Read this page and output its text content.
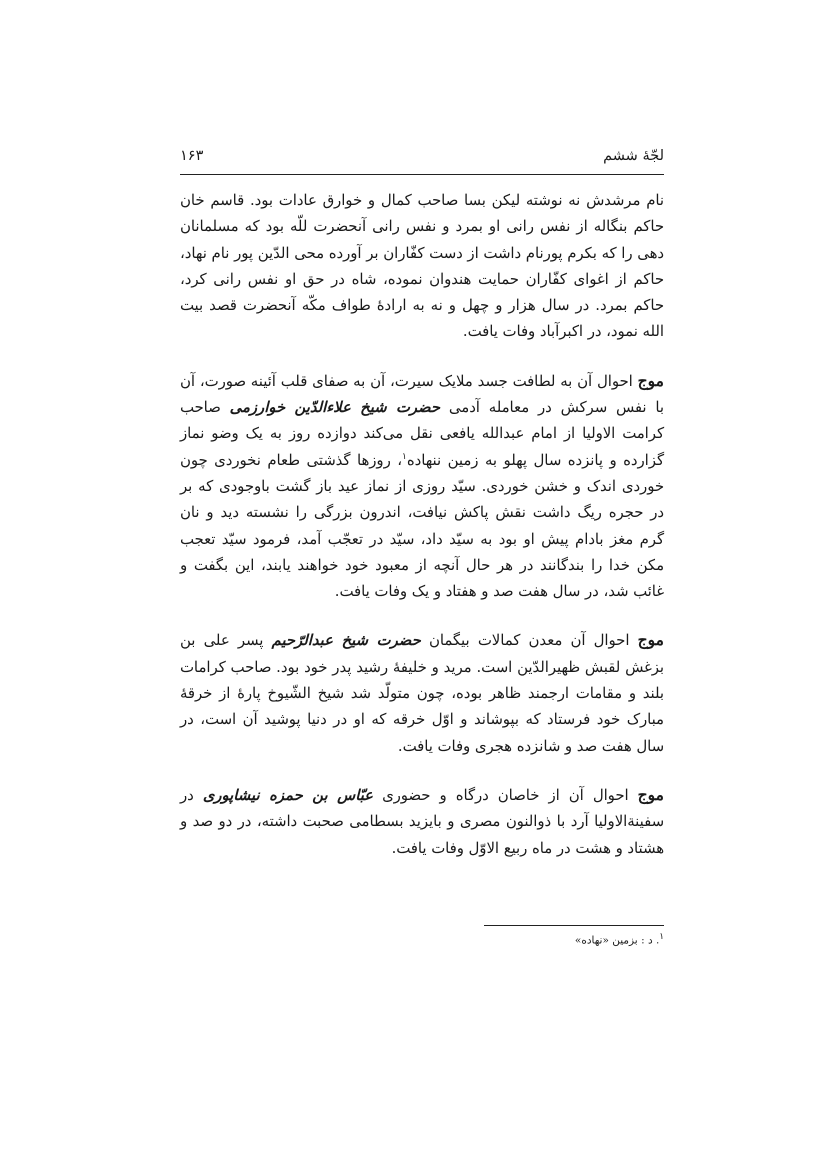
لجّهٔ ششم
۱۶۳

نام مرشدش نه نوشته لیکن بسا صاحب کمال و خوارق عادات بود. قاسم خان حاکم بنگاله از نفس رانی او بمرد و نفس رانی آنحضرت للّه بود که مسلمانان دهی را که بکرم پورنام داشت از دست کفّاران بر آورده محی الدّین پور نام نهاد، حاکم از اغوای کفّاران حمایت هندوان نموده، شاه در حق او نفس رانی کرد، حاکم بمرد. در سال هزار و چهل و نه به ارادهٔ طواف مکّه آنحضرت قصد بیت الله نمود، در اکبرآباد وفات یافت.

موج احوال آن به لطافت جسد ملایک سیرت، آن به صفای قلب آئینه صورت، آن با نفس سرکش در معامله آدمی حضرت شیخ علاءالدّین خوارزمی صاحب کرامت الاولیا از امام عبدالله یافعی نقل می‌کند دوازده روز به یک وضو نماز گزارده و پانزده سال پهلو به زمین ننهاده$^۱$، روزها گذشتی طعام نخوردی چون خوردی اندک و خشن خوردی. سیّد روزی از نماز عید باز گشت باوجودی که بر در حجره ریگ داشت نقش پاکش نیافت، اندرون بزرگی را نشسته دید و نان گرم مغز بادام پیش او بود به سیّد داد، سیّد در تعجّب آمد، فرمود سیّد تعجب مکن خدا را بندگانند در هر حال آنچه از معبود خود خواهند یابند، این بگفت و غائب شد، در سال هفت صد و هفتاد و یک وفات یافت.

موج احوال آن معدن کمالات بیگمان حضرت شیخ عبدالرّحیم پسر علی بن بزغش لقبش ظهیرالدّین است. مرید و خلیفهٔ رشید پدر خود بود. صاحب کرامات بلند و مقامات ارجمند ظاهر بوده، چون متولّد شد شیخ الشّیوخ پارهٔ از خرقهٔ مبارک خود فرستاد که بپوشاند و اوّل خرقه که او در دنیا پوشید آن است، در سال هفت صد و شانزده هجری وفات یافت.

موج احوال آن از خاصان درگاه و حضوری عبّاس بن حمزه نیشاپوری در سفینةالاولیا آرد با ذوالنون مصری و بایزید بسطامی صحبت داشته، در دو صد و هشتاد و هشت در ماه ربیع الاوّل وفات یافت.

$^۱$. د : بزمین «نهاده»
